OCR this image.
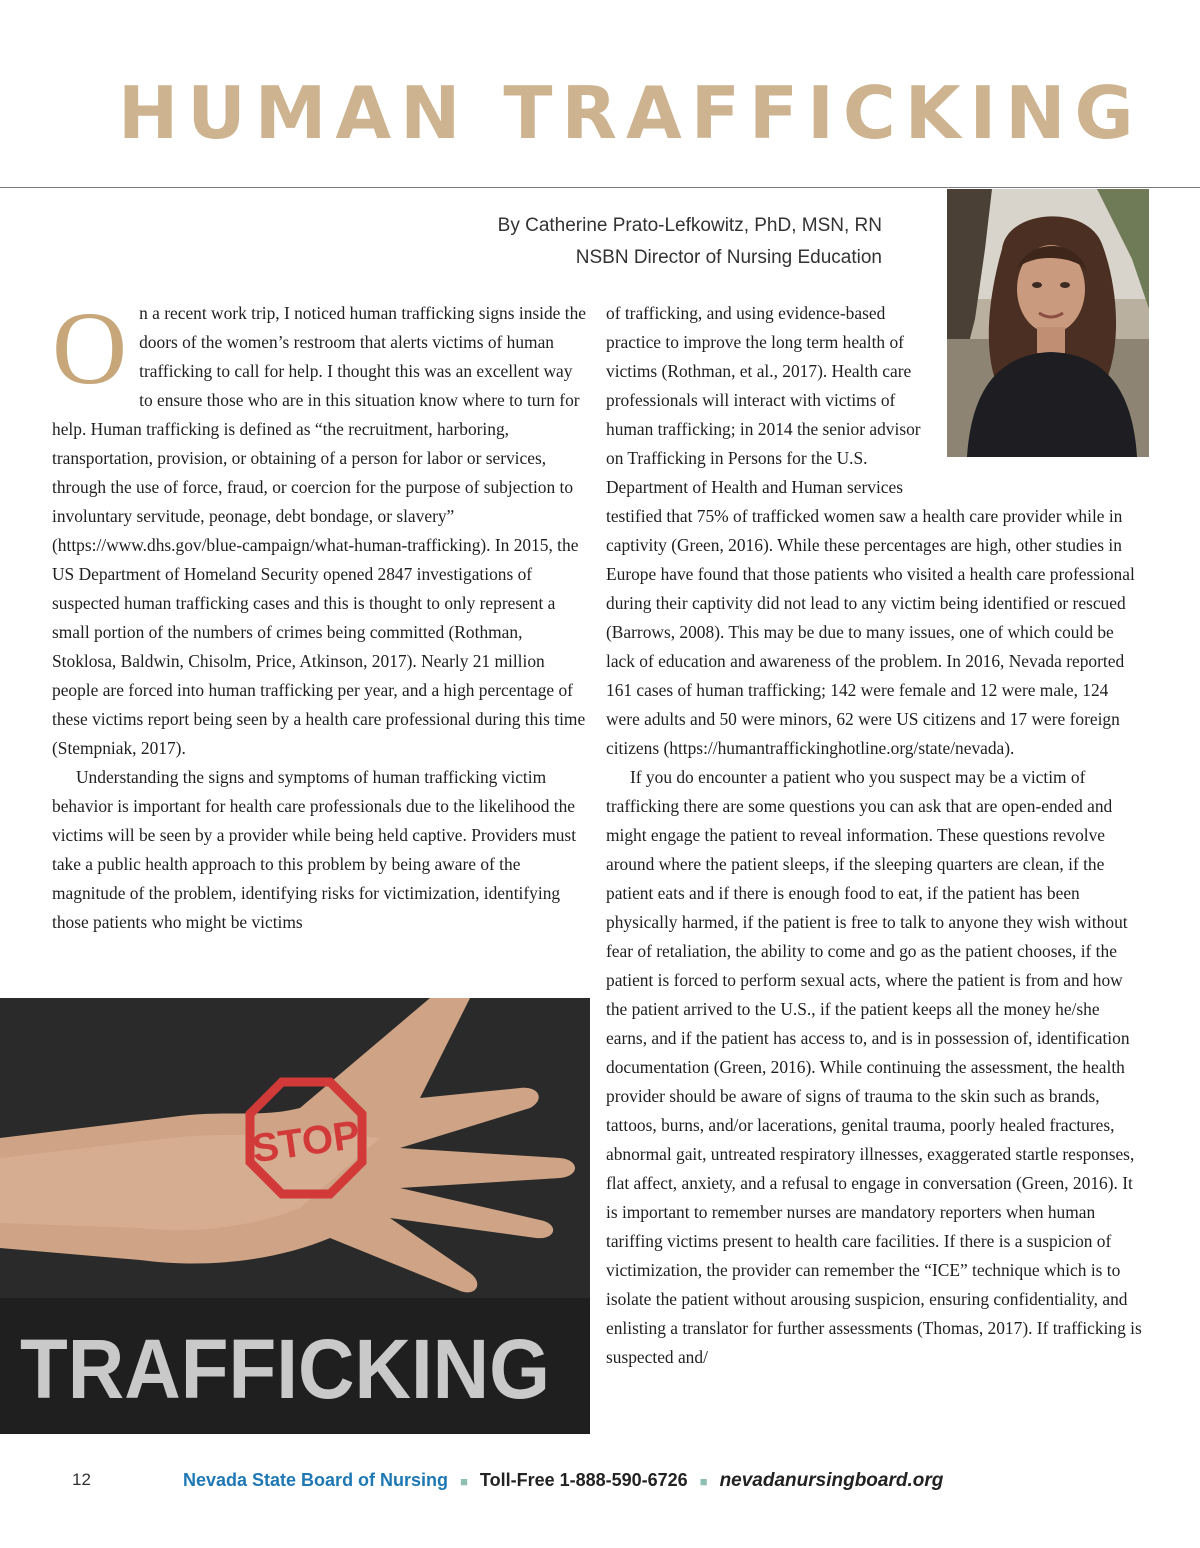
HUMAN TRAFFICKING
By Catherine Prato-Lefkowitz, PhD, MSN, RN
NSBN Director of Nursing Education
O n a recent work trip, I noticed human trafficking signs inside the doors of the women’s restroom that alerts victims of human trafficking to call for help. I thought this was an excellent way to ensure those who are in this situation know where to turn for help. Human trafficking is defined as “the recruitment, harboring, transportation, provision, or obtaining of a person for labor or services, through the use of force, fraud, or coercion for the purpose of subjection to involuntary servitude, peonage, debt bondage, or slavery” (https://www.dhs.gov/blue-campaign/what-human-trafficking). In 2015, the US Department of Homeland Security opened 2847 investigations of suspected human trafficking cases and this is thought to only represent a small portion of the numbers of crimes being committed (Rothman, Stoklosa, Baldwin, Chisolm, Price, Atkinson, 2017). Nearly 21 million people are forced into human trafficking per year, and a high percentage of these victims report being seen by a health care professional during this time (Stempniak, 2017).

Understanding the signs and symptoms of human trafficking victim behavior is important for health care professionals due to the likelihood the victims will be seen by a provider while being held captive. Providers must take a public health approach to this problem by being aware of the magnitude of the problem, identifying risks for victimization, identifying those patients who might be victims

of trafficking, and using evidence-based practice to improve the long term health of victims (Rothman, et al., 2017). Health care professionals will interact with victims of human trafficking; in 2014 the senior advisor on Trafficking in Persons for the U.S. Department of Health and Human services testified that 75% of trafficked women saw a health care provider while in captivity (Green, 2016). While these percentages are high, other studies in Europe have found that those patients who visited a health care professional during their captivity did not lead to any victim being identified or rescued (Barrows, 2008). This may be due to many issues, one of which could be lack of education and awareness of the problem. In 2016, Nevada reported 161 cases of human trafficking; 142 were female and 12 were male, 124 were adults and 50 were minors, 62 were US citizens and 17 were foreign citizens (https://humantraffickinghotline.org/state/nevada).

If you do encounter a patient who you suspect may be a victim of trafficking there are some questions you can ask that are open-ended and might engage the patient to reveal information. These questions revolve around where the patient sleeps, if the sleeping quarters are clean, if the patient eats and if there is enough food to eat, if the patient has been physically harmed, if the patient is free to talk to anyone they wish without fear of retaliation, the ability to come and go as the patient chooses, if the patient is forced to perform sexual acts, where the patient is from and how the patient arrived to the U.S., if the patient keeps all the money he/she earns, and if the patient has access to, and is in possession of, identification documentation (Green, 2016). While continuing the assessment, the health provider should be aware of signs of trauma to the skin such as brands, tattoos, burns, and/or lacerations, genital trauma, poorly healed fractures, abnormal gait, untreated respiratory illnesses, exaggerated startle responses, flat affect, anxiety, and a refusal to engage in conversation (Green, 2016). It is important to remember nurses are mandatory reporters when human tariffing victims present to health care facilities. If there is a suspicion of victimization, the provider can remember the “ICE” technique which is to isolate the patient without arousing suspicion, ensuring confidentiality, and enlisting a translator for further assessments (Thomas, 2017). If trafficking is suspected and/

STOP
TRAFFICKING
12	Nevada State Board of Nursing ■ Toll-Free 1-888-590-6726 ■ nevadanursingboard.org
